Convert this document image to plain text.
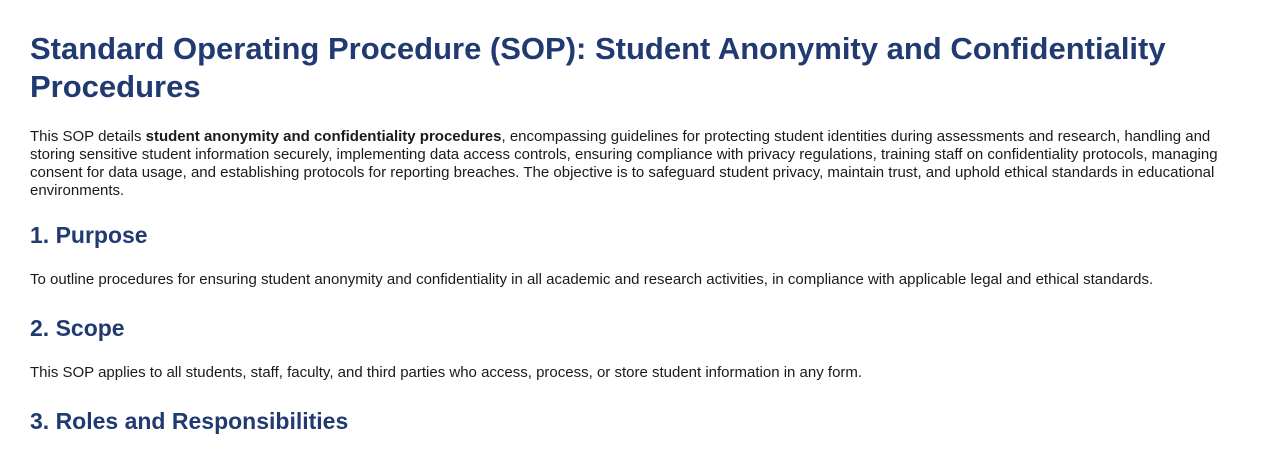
Standard Operating Procedure (SOP): Student Anonymity and Confidentiality Procedures

This SOP details student anonymity and confidentiality procedures, encompassing guidelines for protecting student identities during assessments and research, handling and storing sensitive student information securely, implementing data access controls, ensuring compliance with privacy regulations, training staff on confidentiality protocols, managing consent for data usage, and establishing protocols for reporting breaches. The objective is to safeguard student privacy, maintain trust, and uphold ethical standards in educational environments.

1. Purpose

To outline procedures for ensuring student anonymity and confidentiality in all academic and research activities, in compliance with applicable legal and ethical standards.

2. Scope

This SOP applies to all students, staff, faculty, and third parties who access, process, or store student information in any form.

3. Roles and Responsibilities
